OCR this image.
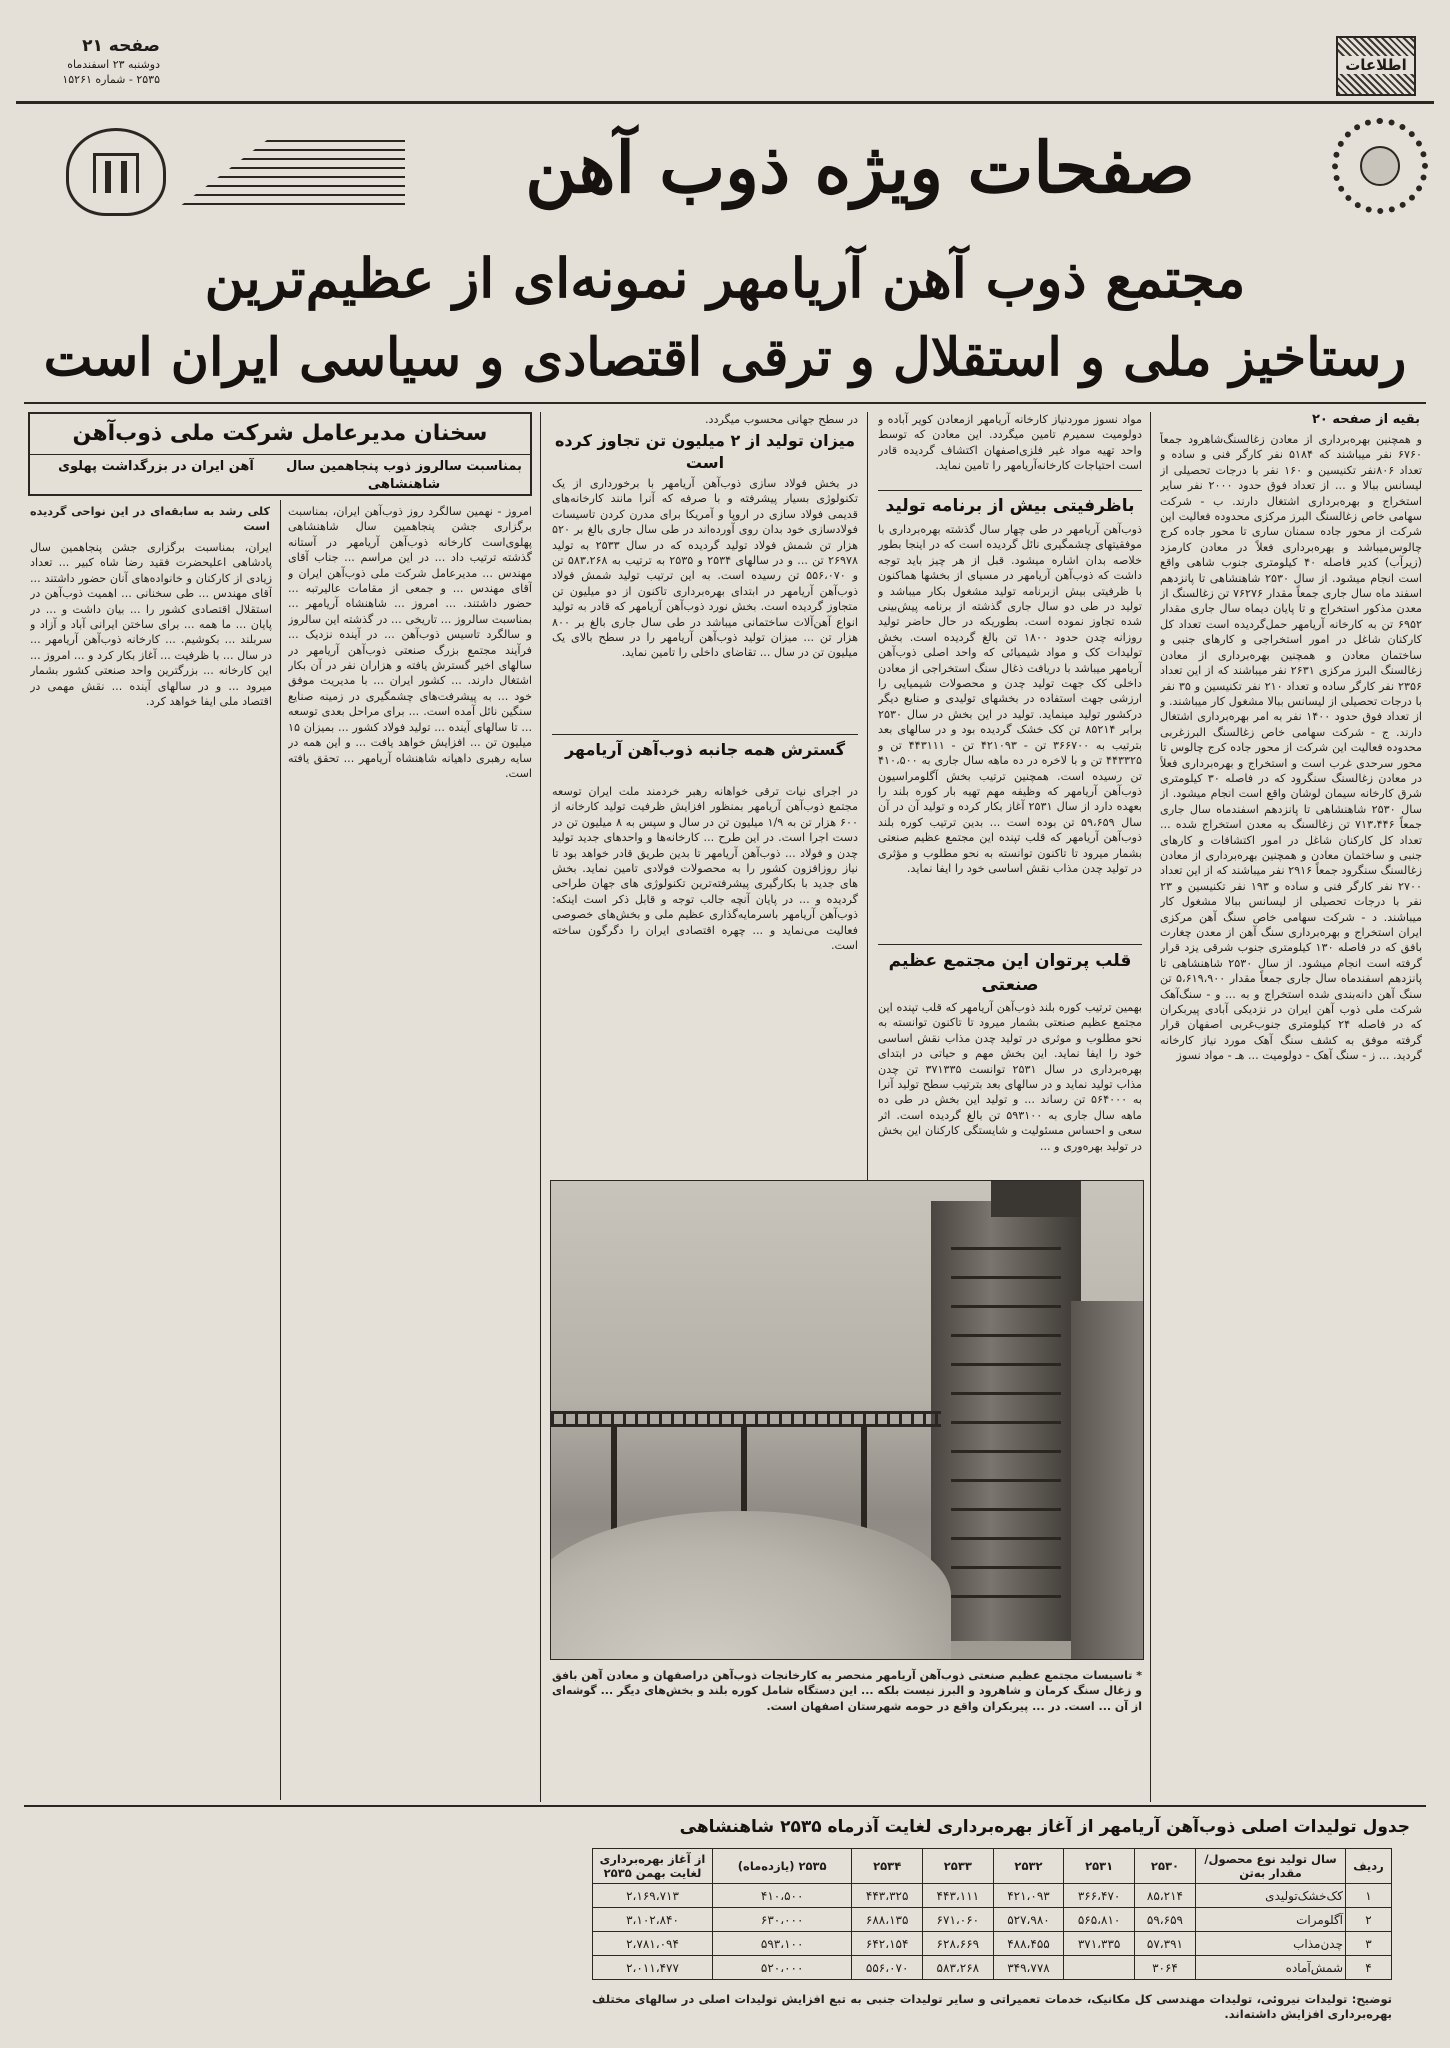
اطلاعات
صفحه ۲۱
دوشنبه ۲۳ اسفندماه
۲۵۳۵ - شماره ۱۵۲۶۱
صفحات ویژه ذوب آهن
مجتمع ذوب آهن آریامهر نمونه‌ای از عظیم‌ترین
رستاخیز ملی و استقلال و ترقی اقتصادی و سیاسی ایران است
بقیه از صفحه ۲۰
و همچنین بهره‌برداری از معادن زغالسنگ‌شاهرود جمعاً ۶۷۶۰ نفر میباشند که ۵۱۸۴ نفر کارگر فنی و ساده و تعداد ۸۰۶نفر تکنیسین و ۱۶۰ نفر با درجات تحصیلی از لیسانس ببالا و ... از تعداد فوق حدود ۲۰۰۰ نفر سایر استخراج و بهره‌برداری اشتغال دارند. ب - شرکت سهامی خاص زغالسنگ البرز مرکزی محدوده فعالیت این شرکت از محور جاده سمنان ساری تا محور جاده کرج چالوس‌میباشد و بهره‌برداری فعلاً در معادن کارمزد (زیرآب) کدیر فاصله ۴۰ کیلومتری جنوب شاهی واقع است انجام میشود. از سال ۲۵۳۰ شاهنشاهی تا پانزدهم اسفند ماه سال جاری جمعاً مقدار ۷۶۲۷۶ تن زغالسنگ از معدن مذکور استخراج و تا پایان دیماه سال جاری مقدار ۶۹۵۲ تن به کارخانه آریامهر حمل‌گردیده است تعداد کل کارکنان شاغل در امور استخراجی و کارهای جنبی و ساختمان معادن و همچنین بهره‌برداری از معادن زغالسنگ البرز مرکزی ۲۶۳۱ نفر میباشند که از این تعداد ۲۳۵۶ نفر کارگر ساده و تعداد ۲۱۰ نفر تکنیسین و ۳۵ نفر با درجات تحصیلی از لیسانس ببالا مشغول کار میباشند. و از تعداد فوق حدود ۱۴۰۰ نفر به امر بهره‌برداری اشتغال دارند. ج - شرکت سهامی خاص زغالسنگ البرزغربی محدوده فعالیت این شرکت از محور جاده کرج چالوس تا محور سرحدی غرب است و استخراج و بهره‌برداری فعلاً در معادن زغالسنگ سنگرود که در فاصله ۳۰ کیلومتری شرق کارخانه سیمان لوشان واقع است انجام میشود. از سال ۲۵۳۰ شاهنشاهی تا پانزدهم اسفندماه سال جاری جمعاً ۷۱۳،۴۴۶ تن زغالسنگ به معدن استخراج شده ... تعداد کل کارکنان شاغل در امور اکتشافات و کارهای جنبی و ساختمان معادن و همچنین بهره‌برداری از معادن زغالسنگ سنگرود جمعاً ۲۹۱۶ نفر میباشند که از این تعداد ۲۷۰۰ نفر کارگر فنی و ساده و ۱۹۳ نفر تکنیسین و ۲۳ نفر با درجات تحصیلی از لیسانس ببالا مشغول کار میباشند. د - شرکت سهامی خاص سنگ آهن مرکزی ایران استخراج و بهره‌برداری سنگ آهن از معدن چغارت بافق که در فاصله ۱۳۰ کیلومتری جنوب شرقی یزد قرار گرفته است انجام میشود. از سال ۲۵۳۰ شاهنشاهی تا پانزدهم اسفندماه سال جاری جمعاً مقدار ۵،۶۱۹،۹۰۰ تن سنگ آهن دانه‌بندی شده استخراج و به ... و - سنگ‌آهک شرکت ملی ذوب آهن ایران در نزدیکی آبادی پیربکران که در فاصله ۲۴ کیلومتری جنوب‌غربی اصفهان قرار گرفته موفق به کشف سنگ آهک مورد نیاز کارخانه گردید. ... ز - سنگ آهک - دولومیت ... هـ - مواد نسوز
مواد نسوز موردنیاز کارخانه آریامهر ازمعادن کویر آباده و دولومیت سمیرم تامین میگردد. این معادن که توسط واحد تهیه مواد غیر فلزی‌اصفهان اکتشاف گردیده قادر است احتیاجات کارخانه‌آریامهر را تامین نماید.
باظرفیتی بیش از برنامه تولید
ذوب‌آهن آریامهر در طی چهار سال گذشته بهره‌برداری با موفقیتهای چشمگیری نائل گردیده است که در اینجا بطور خلاصه بدان اشاره میشود. قبل از هر چیز باید توجه داشت که ذوب‌آهن آریامهر در مسیای از بخشها هماکنون با ظرفیتی بیش ازبرنامه تولید مشغول بکار میباشد و تولید در طی دو سال جاری گذشته از برنامه پیش‌بینی شده تجاوز نموده است. بطوریکه در حال حاضر تولید روزانه چدن حدود ۱۸۰۰ تن بالغ گردیده است. بخش تولیدات کک و مواد شیمیائی که واحد اصلی ذوب‌آهن آریامهر میباشد با دریافت ذغال سنگ استخراجی از معادن داخلی کک جهت تولید چدن و محصولات شیمیایی را ارزشی جهت استفاده در بخشهای تولیدی و صنایع دیگر درکشور تولید مینماید. تولید در این بخش در سال ۲۵۳۰ برابر ۸۵۲۱۴ تن کک خشک گردیده بود و در سالهای بعد بترتیب به ۳۶۶۷۰۰ تن - ۴۲۱۰۹۳ تن - ۴۴۳۱۱۱ تن و ۴۴۳۳۲۵ تن و با لاخره در ده ماهه سال جاری به ۴۱۰،۵۰۰ تن رسیده است. همچنین ترتیب بخش آگلومراسیون ذوب‌آهن آریامهر که وظیفه مهم تهیه بار کوره بلند را بعهده دارد از سال ۲۵۳۱ آغاز بکار کرده و تولید آن در آن سال ۵۹،۶۵۹ تن بوده است ... بدین ترتیب کوره بلند ذوب‌آهن آریامهر که قلب تپنده این مجتمع عظیم صنعتی بشمار میرود تا تاکنون توانسته به نحو مطلوب و مؤثری در تولید چدن مذاب نقش اساسی خود را ایفا نماید.
قلب پرتوان این مجتمع عظیم صنعتی
بهمین ترتیب کوره بلند ذوب‌آهن آریامهر که قلب تپنده این مجتمع عظیم صنعتی بشمار میرود تا تاکنون توانسته به نحو مطلوب و موثری در تولید چدن مذاب نقش اساسی خود را ایفا نماید. این بخش مهم و حیاتی در ابتدای بهره‌برداری در سال ۲۵۳۱ توانست ۳۷۱۳۳۵ تن چدن مذاب تولید نماید و در سالهای بعد بترتیب سطح تولید آنرا به ۵۶۴۰۰۰ تن رساند ... و تولید این بخش در طی ده ماهه سال جاری به ۵۹۳۱۰۰ تن بالغ گردیده است. اثر سعی و احساس مسئولیت و شایستگی کارکنان این بخش در تولید بهره‌وری و ...
در سطح جهانی محسوب میگردد.
میزان تولید از ۲ میلیون تن تجاوز کرده است
در بخش فولاد سازی ذوب‌آهن آریامهر با برخورداری از یک تکنولوژی بسیار پیشرفته و با صرفه که آنرا مانند کارخانه‌های قدیمی فولاد سازی در اروپا و آمریکا برای مدرن کردن تاسیسات فولادسازی خود بدان روی آورده‌اند در طی سال جاری بالغ بر ۵۲۰ هزار تن شمش فولاد تولید گردیده که در سال ۲۵۳۳ به تولید ۲۶۹۷۸ تن ... و در سالهای ۲۵۳۴ و ۲۵۳۵ به ترتیب به ۵۸۳،۲۶۸ تن و ۵۵۶،۰۷۰ تن رسیده است. به این ترتیب تولید شمش فولاد ذوب‌آهن آریامهر در ابتدای بهره‌برداری تاکنون از دو میلیون تن متجاوز گردیده است. بخش نورد ذوب‌آهن آریامهر که قادر به تولید انواع آهن‌آلات ساختمانی میباشد در طی سال جاری بالغ بر ۸۰۰ هزار تن ... میزان تولید ذوب‌آهن آریامهر را در سطح بالای یک میلیون تن در سال ... تقاضای داخلی را تامین نماید.
گسترش همه جانبه ذوب‌آهن آریامهر
در اجرای نیات ترقی خواهانه رهبر خردمند ملت ایران توسعه مجتمع ذوب‌آهن آریامهر بمنظور افزایش ظرفیت تولید کارخانه از ۶۰۰ هزار تن به ۱/۹ میلیون تن در سال و سپس به ۸ میلیون تن در دست اجرا است. در این طرح ... کارخانه‌ها و واحدهای جدید تولید چدن و فولاد ... ذوب‌آهن آریامهر تا بدین طریق قادر خواهد بود تا نیاز روزافزون کشور را به محصولات فولادی تامین نماید. بخش های جدید با بکارگیری پیشرفته‌ترین تکنولوژی های جهان طراحی گردیده و ... در پایان آنچه جالب توجه و قابل ذکر است اینکه: ذوب‌آهن آریامهر باسرمایه‌گذاری عظیم ملی و بخش‌های خصوصی فعالیت می‌نماید و ... چهره اقتصادی ایران را دگرگون ساخته است.
* تاسیسات مجتمع عظیم صنعتی ذوب‌آهن آریامهر منحصر به کارخانجات ذوب‌آهن دراصفهان و معادن آهن بافق و زغال سنگ کرمان و شاهرود و البرز نیست بلکه ... این دستگاه شامل کوره بلند و بخش‌های دیگر ... گوشه‌ای از آن ... است. در ... پیربکران واقع در حومه شهرستان اصفهان است.
سخنان مدیرعامل شرکت ملی ذوب‌آهن
بمناسبت سالروز ذوب پنجاهمین سال شاهنشاهی
آهن ایران در بزرگداشت پهلوی
کلی رشد به سابقه‌ای در این نواحی گردیده است
امروز - نهمین سالگرد روز ذوب‌آهن ایران، بمناسبت برگزاری جشن پنجاهمین سال شاهنشاهی پهلوی‌است کارخانه ذوب‌آهن آریامهر در آستانه گذشته ترتیب داد ... در این مراسم ... جناب آقای مهندس ... مدیرعامل شرکت ملی ذوب‌آهن ایران و آقای مهندس ... و جمعی از مقامات عالیرتبه ... حضور داشتند. ... امروز ... شاهنشاه آریامهر ... بمناسبت سالروز ... تاریخی ... در گذشته این سالروز و سالگرد تاسیس ذوب‌آهن ... در آینده نزدیک ... فرآیند مجتمع بزرگ صنعتی ذوب‌آهن آریامهر در سالهای اخیر گسترش یافته و هزاران نفر در آن بکار اشتغال دارند. ... کشور ایران ... با مدیریت موفق خود ... به پیشرفت‌های چشمگیری در زمینه صنایع سنگین نائل آمده است. ... برای مراحل بعدی توسعه ... تا سالهای آینده ... تولید فولاد کشور ... بمیزان ۱۵ میلیون تن ... افزایش خواهد یافت ... و این همه در سایه رهبری داهیانه شاهنشاه آریامهر ... تحقق یافته است.
ایران، بمناسبت برگزاری جشن پنجاهمین سال پادشاهی اعلیحضرت فقید رضا شاه کبیر ... تعداد زیادی از کارکنان و خانواده‌های آنان حضور داشتند ... آقای مهندس ... طی سخنانی ... اهمیت ذوب‌آهن در استقلال اقتصادی کشور را ... بیان داشت و ... در پایان ... ما همه ... برای ساختن ایرانی آباد و آزاد و سربلند ... بکوشیم. ... کارخانه ذوب‌آهن آریامهر ... در سال ... با ظرفیت ... آغاز بکار کرد و ... امروز ... این کارخانه ... بزرگترین واحد صنعتی کشور بشمار میرود ... و در سالهای آینده ... نقش مهمی در اقتصاد ملی ایفا خواهد کرد.
جدول تولیدات اصلی ذوب‌آهن آریامهر از آغاز بهره‌برداری لغایت آذرماه ۲۵۳۵ شاهنشاهی
ردیف	سال تولید نوع محصول/مقدار به‌تن	۲۵۳۰	۲۵۳۱	۲۵۳۲	۲۵۳۳	۲۵۳۴	۲۵۳۵ (یازده‌ماه)	از آغاز بهره‌برداری لغایت بهمن ۲۵۳۵
۱	کک‌خشک‌تولیدی	۸۵،۲۱۴	۳۶۶،۴۷۰	۴۲۱،۰۹۳	۴۴۳،۱۱۱	۴۴۳،۳۲۵	۴۱۰،۵۰۰	۲،۱۶۹،۷۱۳
۲	آگلومرات	۵۹،۶۵۹	۵۶۵،۸۱۰	۵۲۷،۹۸۰	۶۷۱،۰۶۰	۶۸۸،۱۳۵	۶۳۰،۰۰۰	۳،۱۰۲،۸۴۰
۳	چدن‌مذاب	۵۷،۳۹۱	۳۷۱،۳۳۵	۴۸۸،۴۵۵	۶۲۸،۶۶۹	۶۴۲،۱۵۴	۵۹۳،۱۰۰	۲،۷۸۱،۰۹۴
۴	شمش‌آماده	۳۰۶۴		۳۴۹،۷۷۸	۵۸۳،۲۶۸	۵۵۶،۰۷۰	۵۲۰،۰۰۰	۲،۰۱۱،۴۷۷
توضیح: تولیدات نیروئی، تولیدات مهندسی کل مکانیک، خدمات تعمیراتی و سایر تولیدات جنبی به تبع افزایش تولیدات اصلی در سالهای مختلف بهره‌برداری افزایش داشته‌اند.
